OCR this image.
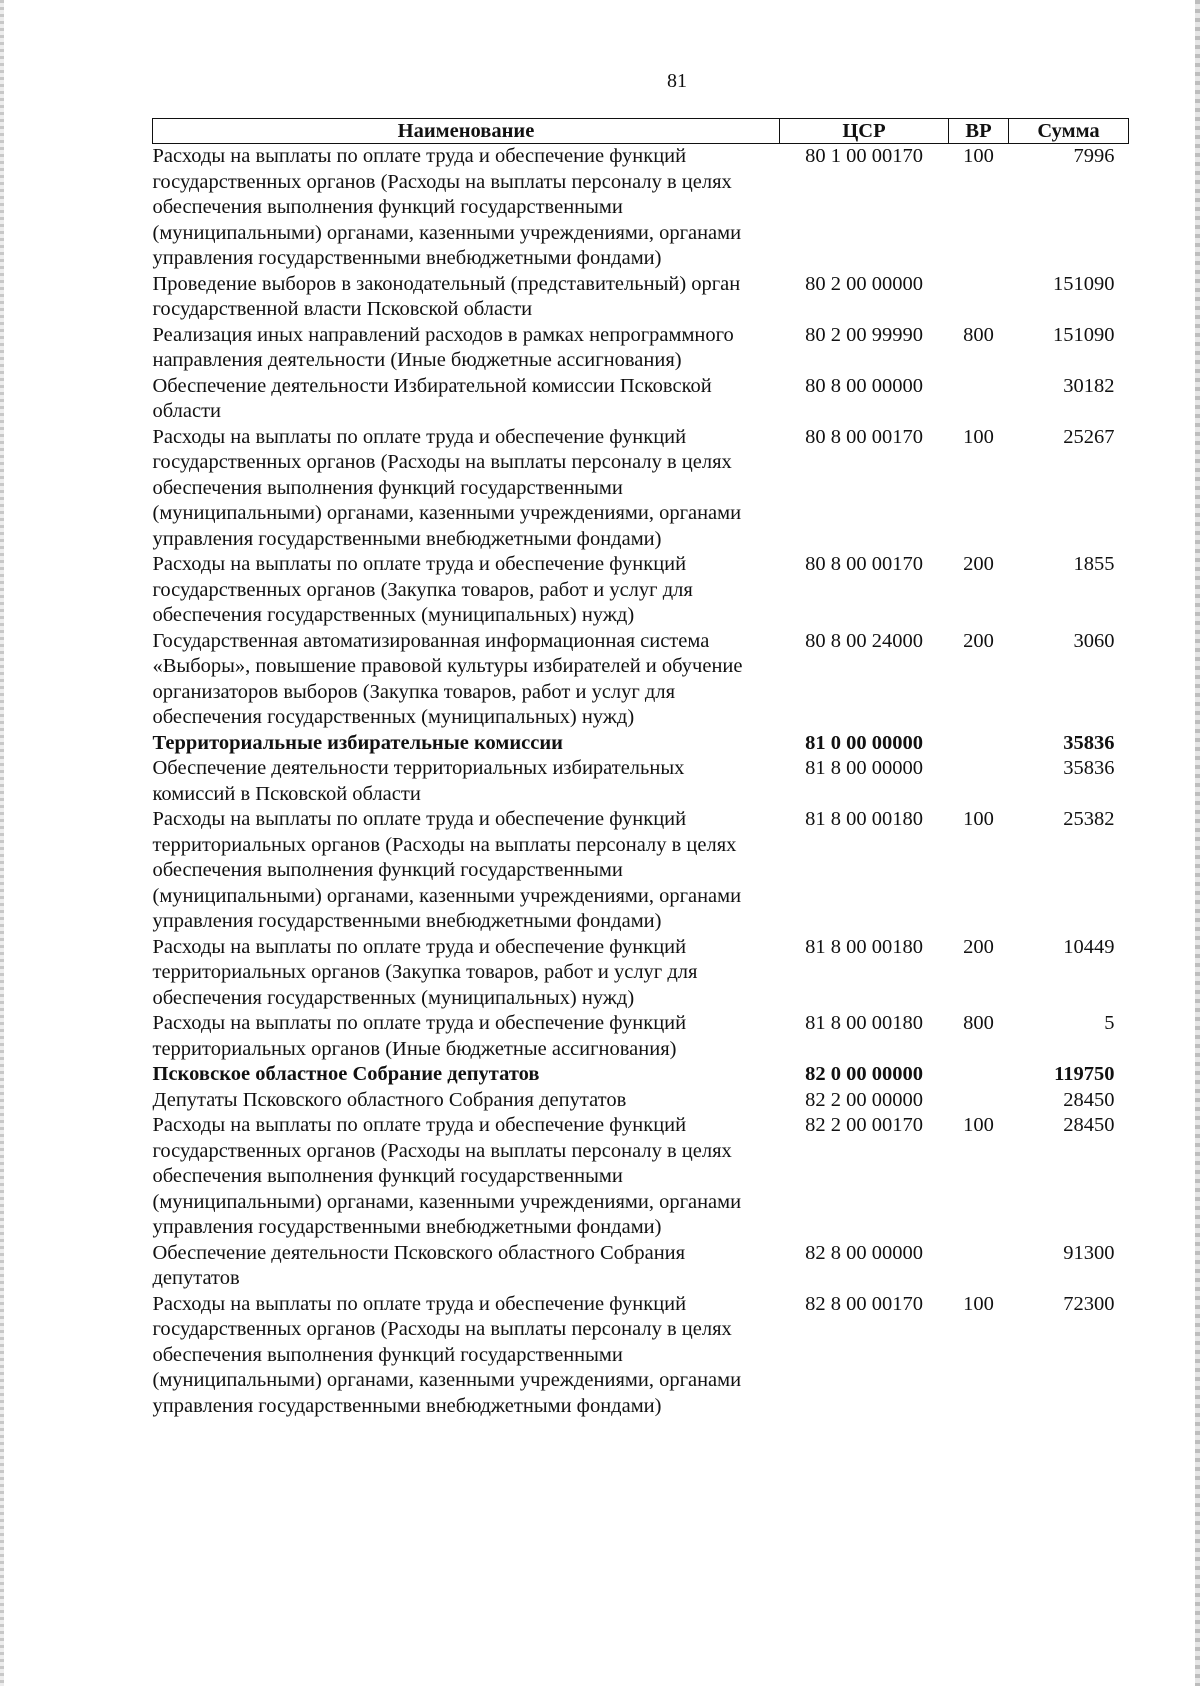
81
Наименование	ЦСР	ВР	Сумма
Расходы на выплаты по оплате труда и обеспечение функций государственных органов (Расходы на выплаты персоналу в целях обеспечения выполнения функций государственными (муниципальными) органами, казенными учреждениями, органами управления государственными внебюджетными фондами)	80 1 00 00170	100	7996
Проведение выборов в законодательный (представительный) орган государственной власти Псковской области	80 2 00 00000		151090
Реализация иных направлений расходов в рамках непрограммного направления деятельности (Иные бюджетные ассигнования)	80 2 00 99990	800	151090
Обеспечение деятельности Избирательной комиссии Псковской области	80 8 00 00000		30182
Расходы на выплаты по оплате труда и обеспечение функций государственных органов (Расходы на выплаты персоналу в целях обеспечения выполнения функций государственными (муниципальными) органами, казенными учреждениями, органами управления государственными внебюджетными фондами)	80 8 00 00170	100	25267
Расходы на выплаты по оплате труда и обеспечение функций государственных органов (Закупка товаров, работ и услуг для обеспечения государственных (муниципальных) нужд)	80 8 00 00170	200	1855
Государственная автоматизированная информационная система «Выборы», повышение правовой культуры избирателей и обучение организаторов выборов (Закупка товаров, работ и услуг для обеспечения государственных (муниципальных) нужд)	80 8 00 24000	200	3060
Территориальные избирательные комиссии	81 0 00 00000		35836
Обеспечение деятельности территориальных избирательных комиссий в Псковской области	81 8 00 00000		35836
Расходы на выплаты по оплате труда и обеспечение функций территориальных органов (Расходы на выплаты персоналу в целях обеспечения выполнения функций государственными (муниципальными) органами, казенными учреждениями, органами управления государственными внебюджетными фондами)	81 8 00 00180	100	25382
Расходы на выплаты по оплате труда и обеспечение функций территориальных органов (Закупка товаров, работ и услуг для обеспечения государственных (муниципальных) нужд)	81 8 00 00180	200	10449
Расходы на выплаты по оплате труда и обеспечение функций территориальных органов (Иные бюджетные ассигнования)	81 8 00 00180	800	5
Псковское областное Собрание депутатов	82 0 00 00000		119750
Депутаты Псковского областного Собрания депутатов	82 2 00 00000		28450
Расходы на выплаты по оплате труда и обеспечение функций государственных органов (Расходы на выплаты персоналу в целях обеспечения выполнения функций государственными (муниципальными) органами, казенными учреждениями, органами управления государственными внебюджетными фондами)	82 2 00 00170	100	28450
Обеспечение деятельности Псковского областного Собрания депутатов	82 8 00 00000		91300
Расходы на выплаты по оплате труда и обеспечение функций государственных органов (Расходы на выплаты персоналу в целях обеспечения выполнения функций государственными (муниципальными) органами, казенными учреждениями, органами управления государственными внебюджетными фондами)	82 8 00 00170	100	72300
